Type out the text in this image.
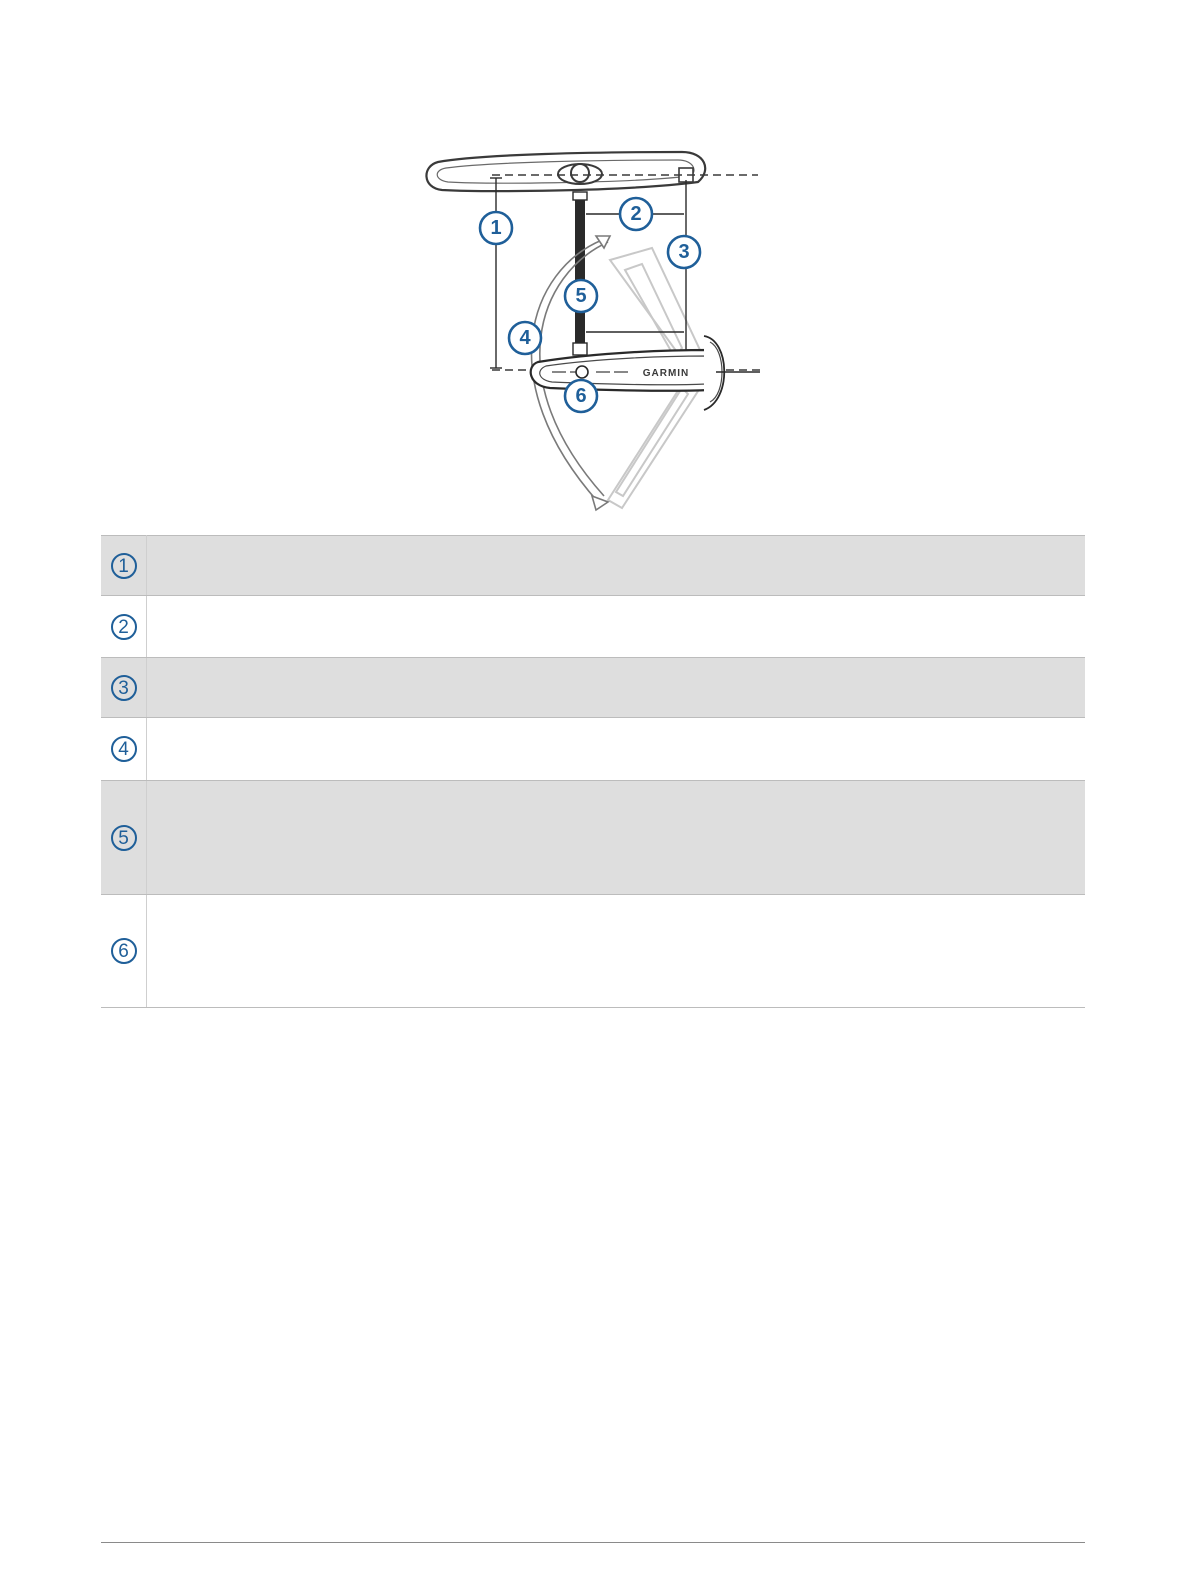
GARMIN
1
2
3
4
5
6
1	
2	
3	
4	
5	
6	
